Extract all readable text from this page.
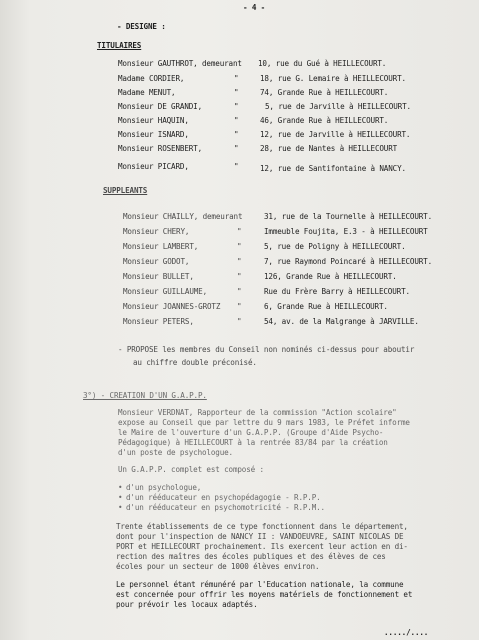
- 4 -
- DESIGNE :
TITULAIRES
Monsieur GAUTHROT, demeurant 10, rue du Gué à HEILLECOURT.
Madame CORDIER,	"	18, rue G. Lemaire à HEILLECOURT.
Madame MENUT,	"	74, Grande Rue à HEILLECOURT.
Monsieur DE GRANDI,	"	5, rue de Jarville à HEILLECOURT.
Monsieur HAQUIN,	"	46, Grande Rue à HEILLECOURT.
Monsieur ISNARD,	"	12, rue de Jarville à HEILLECOURT.
Monsieur ROSENBERT,	"	28, rue de Nantes à HEILLECOURT
Monsieur PICARD,	"	12, rue de Santifontaine à NANCY.
SUPPLEANTS
Monsieur CHAILLY, demeurant	31, rue de la Tournelle à HEILLECOURT.
Monsieur CHERY,	"	Immeuble Foujita, E.3 - à HEILLECOURT
Monsieur LAMBERT,	"	5, rue de Poligny à HEILLECOURT.
Monsieur GODOT,	"	7, rue Raymond Poincaré à HEILLECOURT.
Monsieur BULLET,	"	126, Grande Rue à HEILLECOURT.
Monsieur GUILLAUME,	"	Rue du Frère Barry à HEILLECOURT.
Monsieur JOANNES-GROTZ "	6, Grande Rue à HEILLECOURT.
Monsieur PETERS,	"	54, av. de la Malgrange à JARVILLE.
- PROPOSE les membres du Conseil non nominés ci-dessus pour aboutir
au chiffre double préconisé.
3°) - CREATION D'UN G.A.P.P.
Monsieur VERDNAT, Rapporteur de la commission "Action scolaire"
expose au Conseil que par lettre du 9 mars 1983, le Préfet informe
le Maire de l'ouverture d'un G.A.P.P. (Groupe d'Aide Psycho-
Pédagogique) à HEILLECOURT à la rentrée 83/84 par la création
d'un poste de psychologue.
Un G.A.P.P. complet est composé :
• d'un psychologue,
• d'un rééducateur en psychopédagogie - R.P.P.
• d'un rééducateur en psychomotricité - R.P.M..
Trente établissements de ce type fonctionnent dans le département,
dont pour l'inspection de NANCY II : VANDOEUVRE, SAINT NICOLAS DE
PORT et HEILLECOURT prochainement. Ils exercent leur action en di-
rection des maîtres des écoles publiques et des élèves de ces
écoles pour un secteur de 1000 élèves environ.
Le personnel étant rémunéré par l'Education nationale, la commune
est concernée pour offrir les moyens matériels de fonctionnement et
pour prévoir les locaux adaptés.
...../....
